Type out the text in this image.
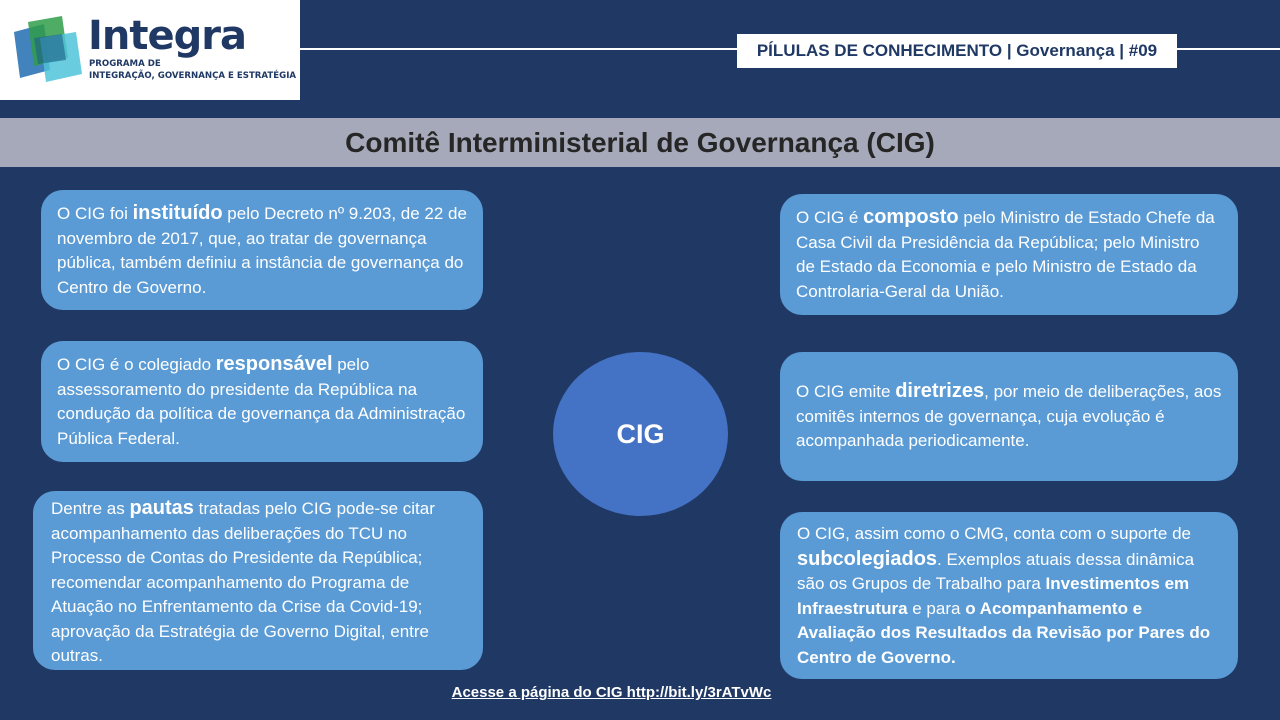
Integra
PROGRAMA DE
INTEGRAÇÃO, GOVERNANÇA E ESTRATÉGIA
PÍLULAS DE CONHECIMENTO | Governança | #09
Comitê Interministerial de Governança (CIG)
O CIG foi instituído pelo Decreto nº 9.203, de 22 de novembro de 2017, que, ao tratar de governança pública, também definiu a instância de governança do Centro de Governo.
O CIG é o colegiado responsável pelo assessoramento do presidente da República na condução da política de governança da Administração Pública Federal.
Dentre as pautas tratadas pelo CIG pode-se citar acompanhamento das deliberações do TCU no Processo de Contas do Presidente da República; recomendar acompanhamento do Programa de Atuação no Enfrentamento da Crise da Covid-19; aprovação da Estratégia de Governo Digital, entre outras.
CIG
O CIG é composto pelo Ministro de Estado Chefe da Casa Civil da Presidência da República; pelo Ministro de Estado da Economia e pelo Ministro de Estado da Controlaria-Geral da União.
O CIG emite diretrizes, por meio de deliberações, aos comitês internos de governança, cuja evolução é acompanhada periodicamente.
O CIG, assim como o CMG, conta com o suporte de subcolegiados. Exemplos atuais dessa dinâmica são os Grupos de Trabalho para Investimentos em Infraestrutura e para o Acompanhamento e Avaliação dos Resultados da Revisão por Pares do Centro de Governo.
Acesse a página do CIG http://bit.ly/3rATvWc
